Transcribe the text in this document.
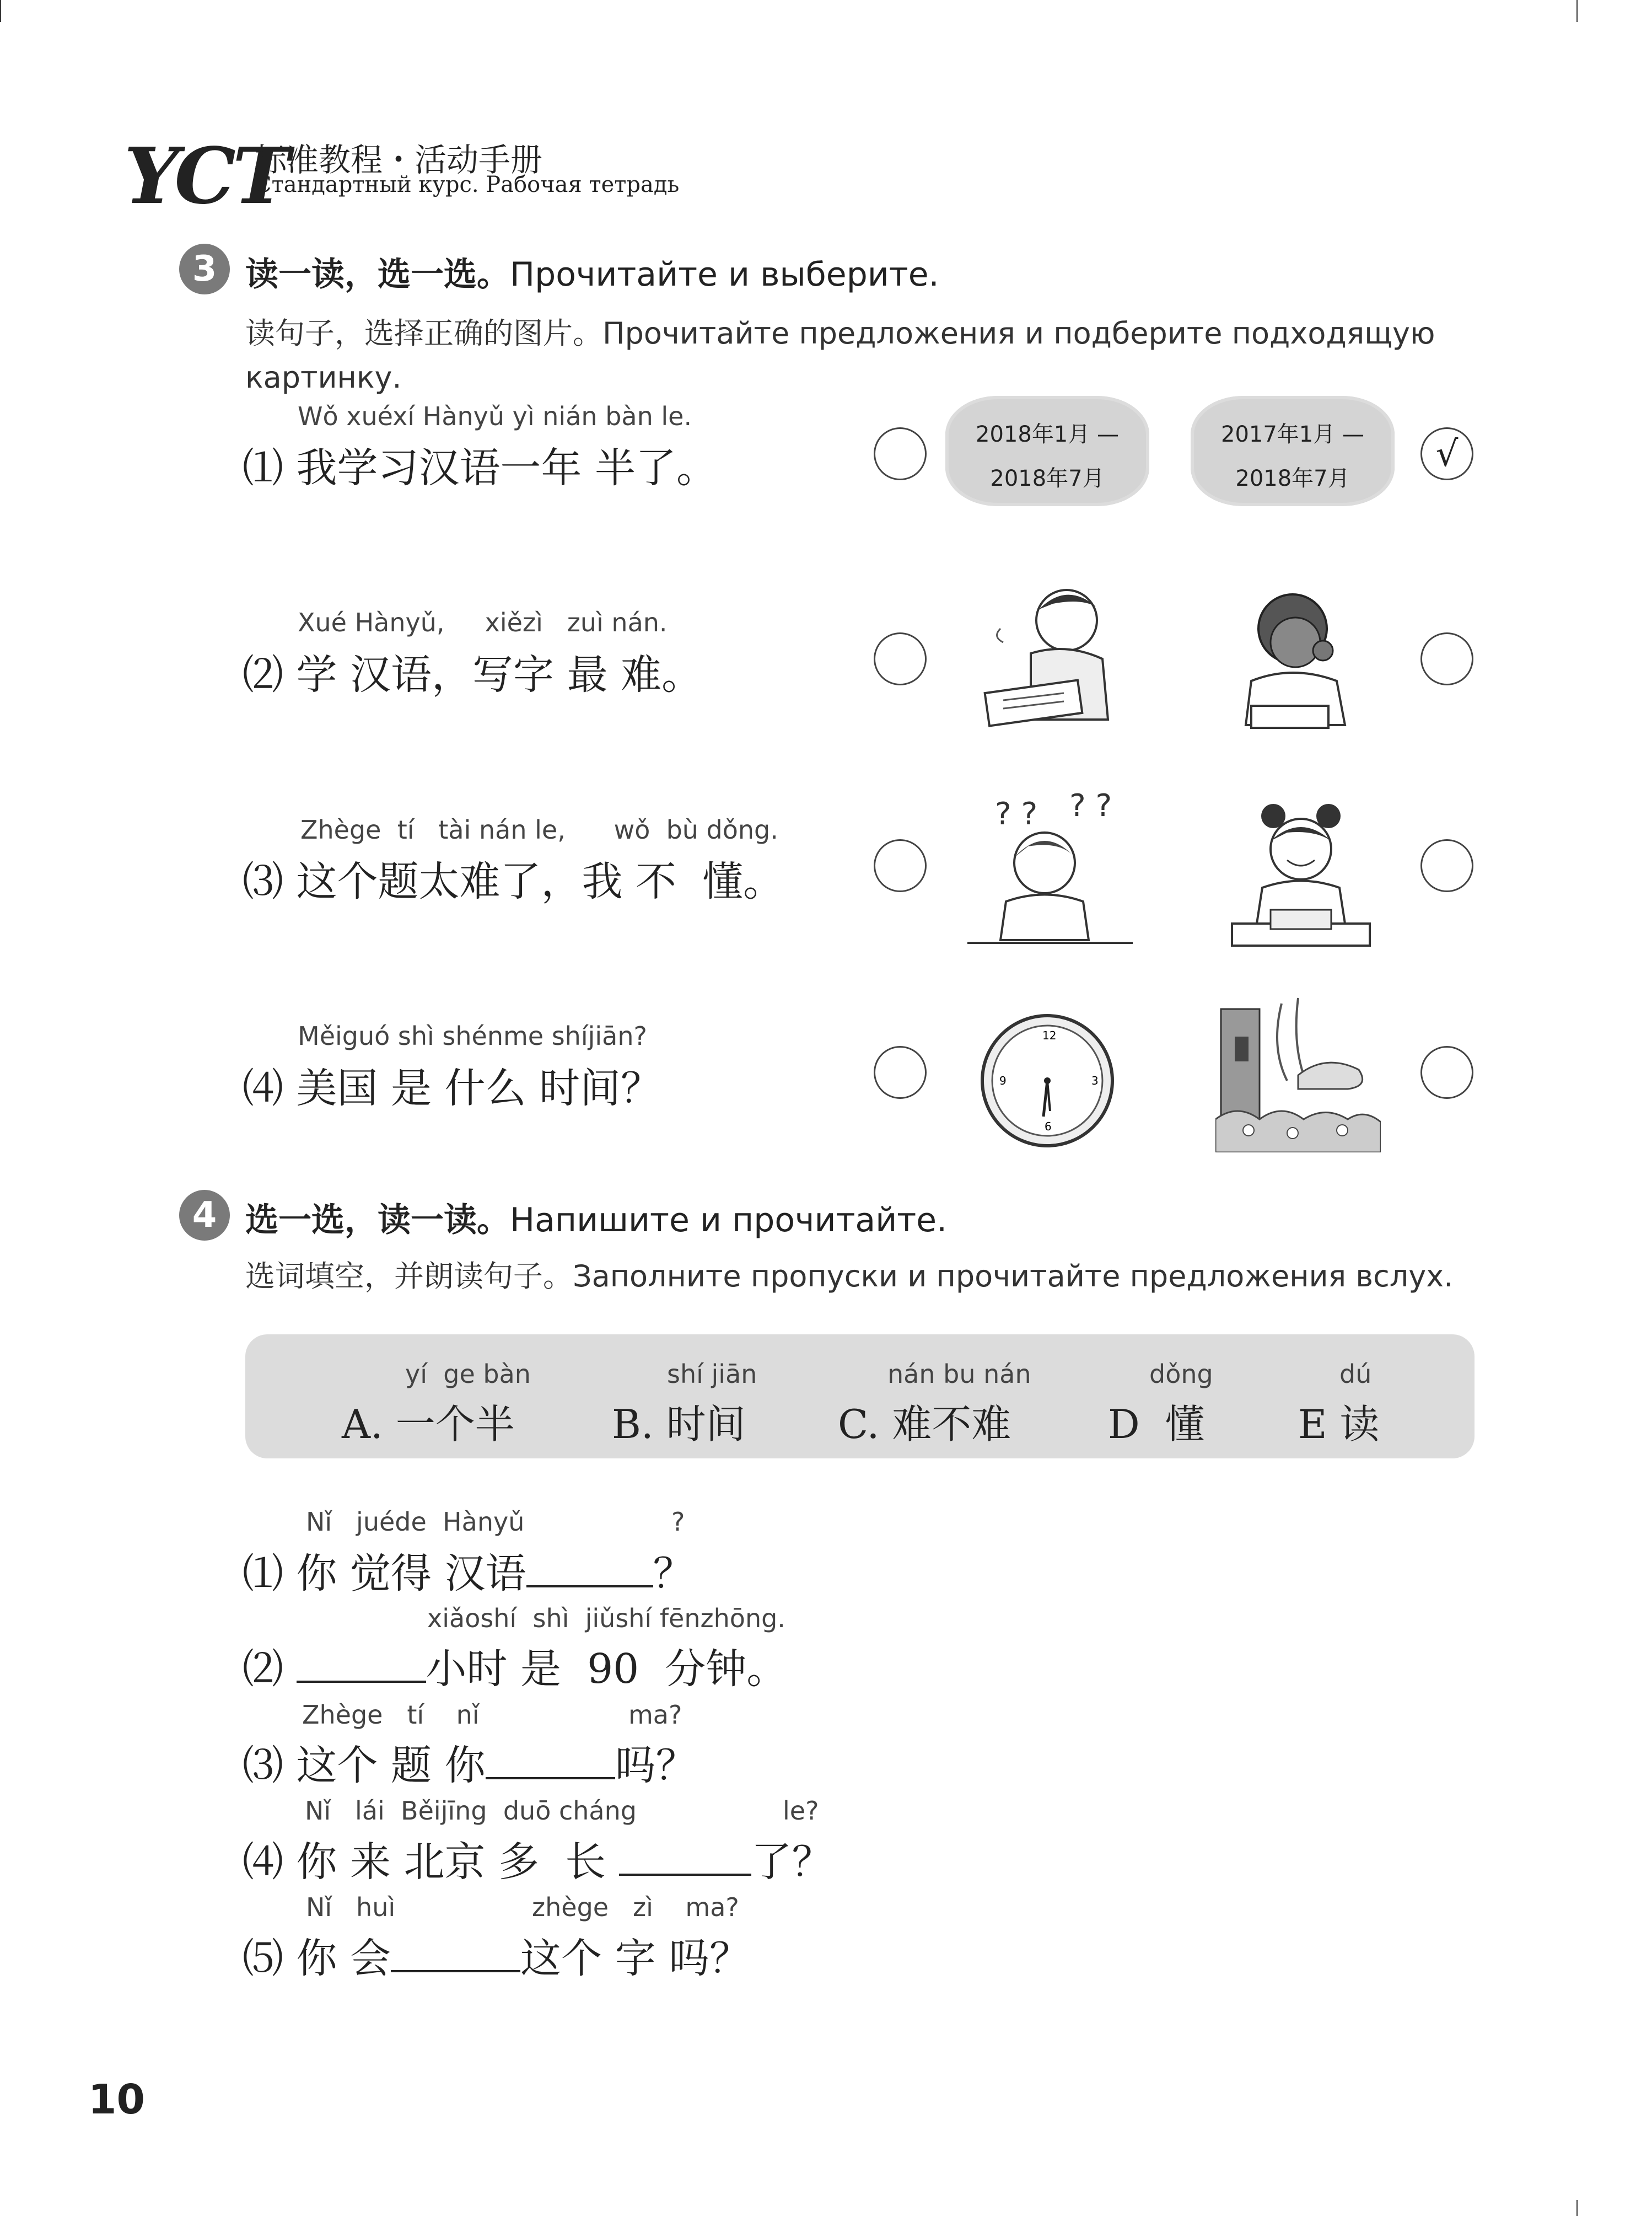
YCT
标准教程・活动手册
Стандартный курс. Рабочая тетрадь
3 读一读，选一选。Прочитайте и выберите.
读句子，选择正确的图片。Прочитайте предложения и подберите подходящую
картинку.
Wǒ xuéxí Hànyǔ yì nián bàn le.
⑴ 我学习汉语一年 半了。
2018年1月 —
2018年7月
2017年1月 —
2018年7月
√
Xué Hànyǔ,     xiězì   zuì nán.
⑵ 学 汉语，写字 最 难。
Zhège  tí   tài nán le,      wǒ  bù dǒng.
⑶ 这个题太难了，我 不  懂。
? ? ? ?
Měiguó shì shénme shíjiān?
⑷ 美国 是 什么 时间？
12
3
6
9
4 选一选，读一读。Напишите и прочитайте.
选词填空，并朗读句子。Заполните пропуски и прочитайте предложения вслух.
yí  ge bàn
A. 一个半
shí jiān
B. 时间
nán bu nán
C. 难不难
dǒng
D  懂
dú
E 读
Nǐ   juéde  Hànyǔ	?
⑴ 你 觉得 汉语	？
xiǎoshí  shì  jiǔshí fēnzhōng.
⑵	小时 是  90  分钟。
Zhège   tí    nǐ	ma?
⑶ 这个 题 你	吗？
Nǐ   lái  Běijīng  duō cháng	le?
⑷ 你 来 北京 多  长	了？
Nǐ   huì	zhège   zì    ma?
⑸ 你 会	这个 字 吗？
10
